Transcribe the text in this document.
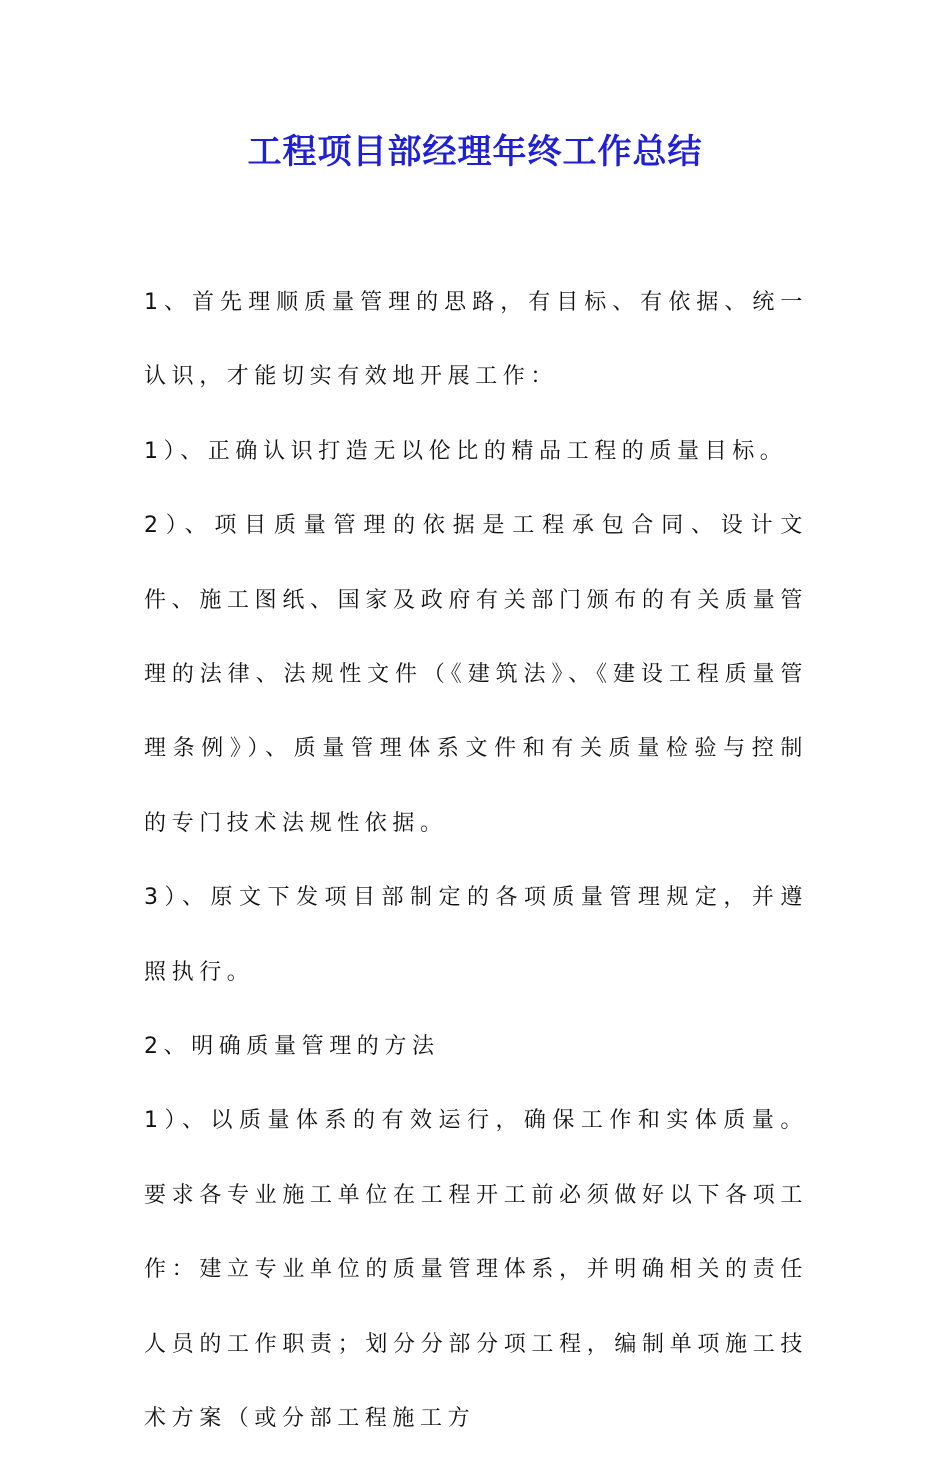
工程项目部经理年终工作总结

1、首先理顺质量管理的思路，有目标、有依据、统一认识，才能切实有效地开展工作：

1）、正确认识打造无以伦比的精品工程的质量目标。

2）、项目质量管理的依据是工程承包合同、设计文件、施工图纸、国家及政府有关部门颁布的有关质量管理的法律、法规性文件（《建筑法》、《建设工程质量管理条例》）、质量管理体系文件和有关质量检验与控制的专门技术法规性依据。

3）、原文下发项目部制定的各项质量管理规定，并遵照执行。

2、明确质量管理的方法

1）、以质量体系的有效运行，确保工作和实体质量。要求各专业施工单位在工程开工前必须做好以下各项工作：建立专业单位的质量管理体系，并明确相关的责任人员的工作职责；划分分部分项工程，编制单项施工技术方案（或分部工程施工方
